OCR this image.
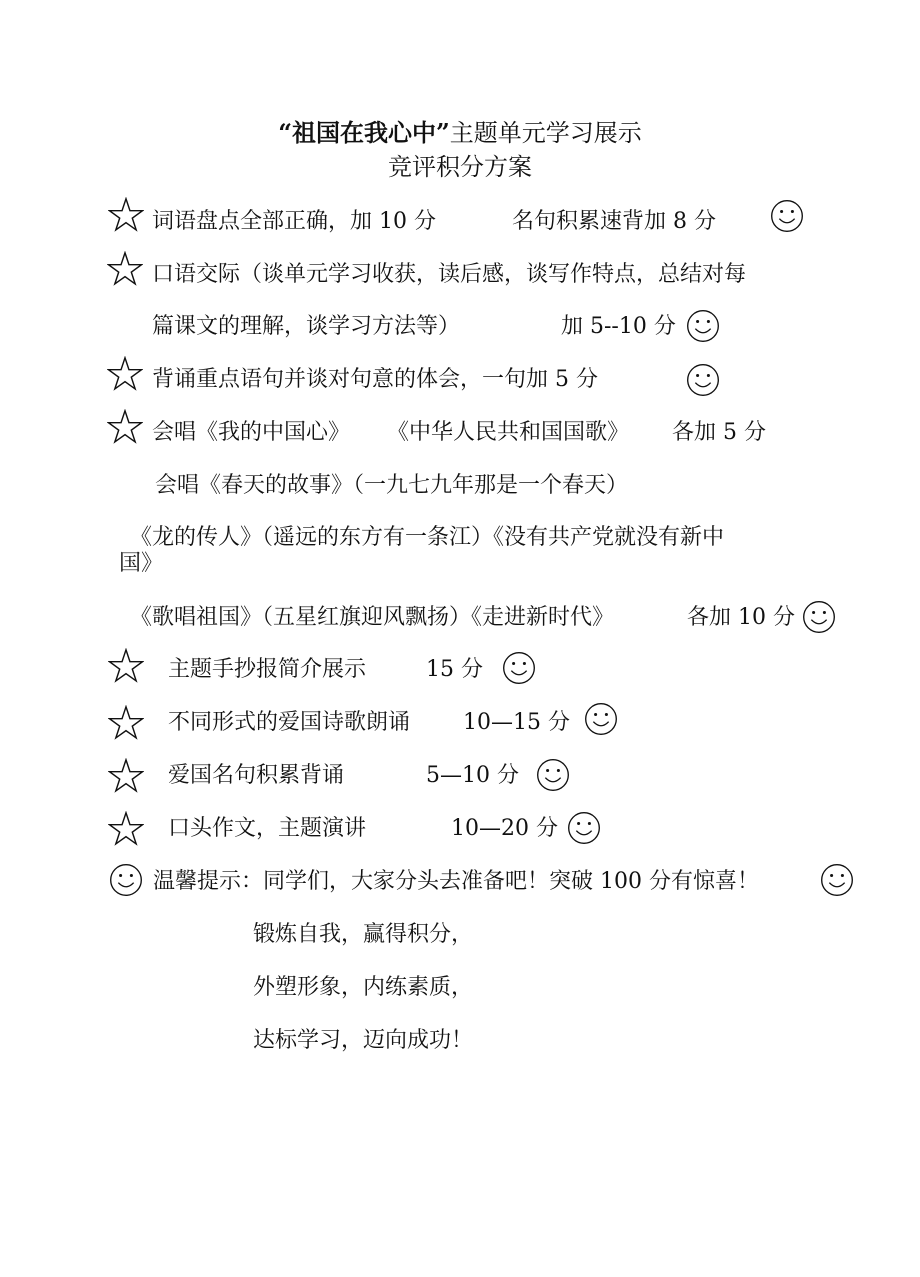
“祖国在我心中”主题单元学习展示
竞评积分方案
词语盘点全部正确，加 10 分	名句积累速背加 8 分
口语交际（谈单元学习收获，读后感，谈写作特点，总结对每
篇课文的理解，谈学习方法等）	加 5--10 分
背诵重点语句并谈对句意的体会，一句加 5 分
会唱《我的中国心》 《中华人民共和国国歌》 各加 5 分
会唱《春天的故事》（一九七九年那是一个春天）
《龙的传人》（遥远的东方有一条江）《没有共产党就没有新中
国》
《歌唱祖国》（五星红旗迎风飘扬）《走进新时代》	各加 10 分
主题手抄报简介展示	15 分
不同形式的爱国诗歌朗诵 10—15 分
爱国名句积累背诵	5—10 分
口头作文，主题演讲	10—20 分
温馨提示：同学们，大家分头去准备吧！突破 100 分有惊喜！
锻炼自我，赢得积分，
外塑形象，内练素质，
达标学习，迈向成功！
